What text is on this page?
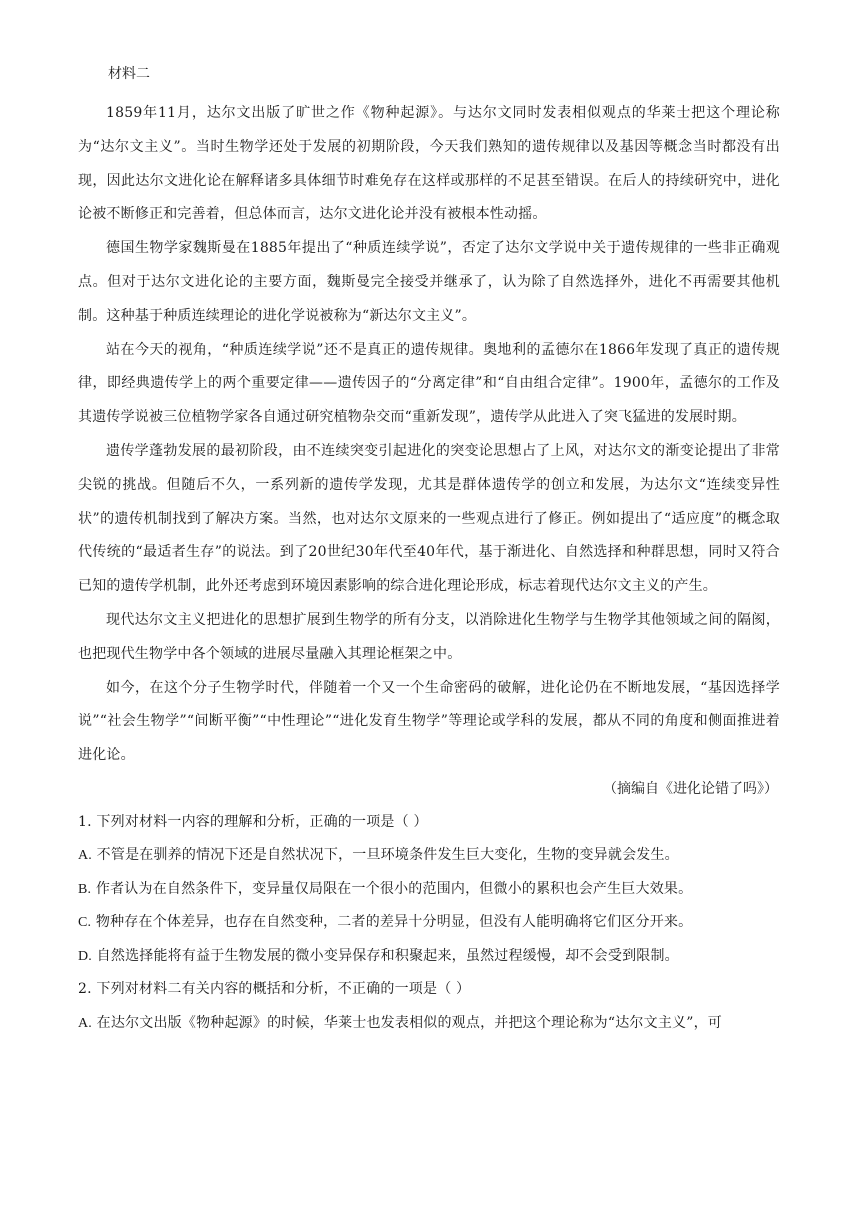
材料二

1859年11月，达尔文出版了旷世之作《物种起源》。与达尔文同时发表相似观点的华莱士把这个理论称为“达尔文主义”。当时生物学还处于发展的初期阶段，今天我们熟知的遗传规律以及基因等概念当时都没有出现，因此达尔文进化论在解释诸多具体细节时难免存在这样或那样的不足甚至错误。在后人的持续研究中，进化论被不断修正和完善着，但总体而言，达尔文进化论并没有被根本性动摇。

德国生物学家魏斯曼在1885年提出了“种质连续学说”，否定了达尔文学说中关于遗传规律的一些非正确观点。但对于达尔文进化论的主要方面，魏斯曼完全接受并继承了，认为除了自然选择外，进化不再需要其他机制。这种基于种质连续理论的进化学说被称为“新达尔文主义”。

站在今天的视角，“种质连续学说”还不是真正的遗传规律。奥地利的孟德尔在1866年发现了真正的遗传规律，即经典遗传学上的两个重要定律——遗传因子的“分离定律”和“自由组合定律”。1900年，孟德尔的工作及其遗传学说被三位植物学家各自通过研究植物杂交而“重新发现”，遗传学从此进入了突飞猛进的发展时期。

遗传学蓬勃发展的最初阶段，由不连续突变引起进化的突变论思想占了上风，对达尔文的渐变论提出了非常尖锐的挑战。但随后不久，一系列新的遗传学发现，尤其是群体遗传学的创立和发展，为达尔文“连续变异性状”的遗传机制找到了解决方案。当然，也对达尔文原来的一些观点进行了修正。例如提出了“适应度”的概念取代传统的“最适者生存”的说法。到了20世纪30年代至40年代，基于渐进化、自然选择和种群思想，同时又符合已知的遗传学机制，此外还考虑到环境因素影响的综合进化理论形成，标志着现代达尔文主义的产生。

现代达尔文主义把进化的思想扩展到生物学的所有分支，以消除进化生物学与生物学其他领域之间的隔阂，也把现代生物学中各个领域的进展尽量融入其理论框架之中。

如今，在这个分子生物学时代，伴随着一个又一个生命密码的破解，进化论仍在不断地发展，“基因选择学说”“社会生物学”“间断平衡”“中性理论”“进化发育生物学”等理论或学科的发展，都从不同的角度和侧面推进着进化论。

（摘编自《进化论错了吗》）

1. 下列对材料一内容的理解和分析，正确的一项是（ ）

A. 不管是在驯养的情况下还是自然状况下，一旦环境条件发生巨大变化，生物的变异就会发生。

B. 作者认为在自然条件下，变异量仅局限在一个很小的范围内，但微小的累积也会产生巨大效果。

C. 物种存在个体差异，也存在自然变种，二者的差异十分明显，但没有人能明确将它们区分开来。

D. 自然选择能将有益于生物发展的微小变异保存和积聚起来，虽然过程缓慢，却不会受到限制。

2. 下列对材料二有关内容的概括和分析，不正确的一项是（ ）

A. 在达尔文出版《物种起源》的时候，华莱士也发表相似的观点，并把这个理论称为“达尔文主义”，可
